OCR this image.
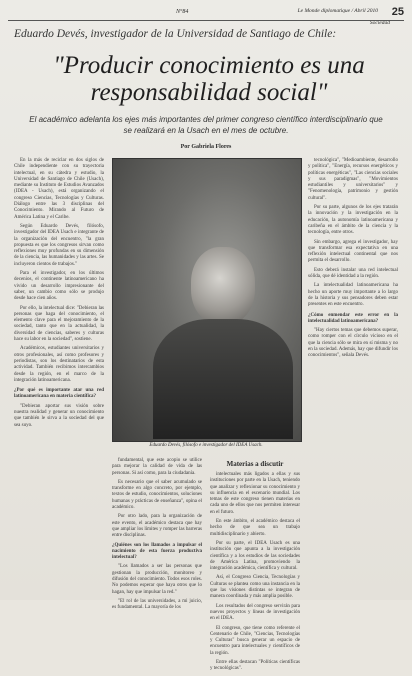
N°84	Le Monde diplomatique / Abril 2010 25
Sociedad
Eduardo Devés, investigador de la Universidad de Santiago de Chile:
"Producir conocimiento es una responsabilidad social"
El académico adelanta los ejes más importantes del primer congreso científico interdisciplinario que se realizará en la Usach en el mes de octubre.
Por Gabriela Flores

En la más de reciclar en dos siglos de Chile independiente con su trayectoria intelectual, en su cátedra y estudio, la Universidad de Santiago de Chile (Usach), mediante su Instituto de Estudios Avanzados (IDEA - Usach), está organizando el congreso Ciencias, Tecnologías y Culturas. Diálogo entre las 3 disciplinas del Conocimiento. Mirando al Futuro de América Latina y el Caribe.

Según Eduardo Devés, filósofo, investigador del IDEA Usach e integrante de la organización del encuentro, "la gran propuesta es que los congresos sirvan como reflexiones muy profundas en su dimensión de la ciencia, las humanidades y las artes. Se incluyeron cientos de trabajos."

Para el investigador, en los últimos decenios, el continente latinoamericano ha vivido un desarrollo impresionante del saber, un cambio como sólo se produjo desde hace cien años.

Por ello, la intelectual dice: "Debieran las personas que haga del conocimiento, el elemento clave para el mejoramiento de la sociedad, tanto que en la actualidad, la diversidad de ciencias, saberes y culturas hace su labor en la sociedad", sostiene.

Académicos, estudiantes universitarios y otros profesionales, así como profesores y periodistas, son los destinatarios de esta actividad. También recibimos intercambios desde la región, en el marco de la integración latinoamericana.

¿Por qué es importante atar una red latinoamericana en materia científica?

"Debieran aportar sus visión sobre nuestra realidad y generar un conocimiento que también le sirva a la sociedad del que sea suyo.

Eduardo Devés, filósofo e investigador del IDEA Usach.

fundamental, que este acopio se utilice para mejorar la calidad de vida de las personas. Si así como, para la ciudadanía.

Es necesario que el saber acumulado se transforme en algo concreto, por ejemplo, textos de estudio, conocimientos, soluciones humanas y prácticas de enseñanza", opina el académico.

Por otro lado, para la organización de este evento, el académico destaca que hay que ampliar los límites y romper las barreras entre disciplinas.

¿Quiénes son los llamados a impulsar el nacimiento de esta fuerza productiva intelectual?

"Los llamados a ser las personas que gestionan la producción, monitoreo y difusión del conocimiento. Todos esos roles. No podemos esperar que haya otros que lo hagan, hay que impulsar la red."

"El rol de las universidades, a mi juicio, es fundamental. La mayoría de los

Materias a discutir

intelectuales más ligados a ellas y sus instituciones por parte en la Usach, teniendo que analizar y reflexionar su conocimiento y su influencia en el escenario mundial. Los temas de este congreso tienen materias en cada uno de ellos que nos permiten interesar en el futuro.

En este ámbito, el académico destaca el hecho de que sea un trabajo multidisciplinario y abierto.

Por su parte, el IDEA Usach es una institución que apunta a la investigación científica y a los estudios de las sociedades de América Latina, promoviendo la integración académica, científica y cultural.

Así, el Congreso Ciencia, Tecnologías y Culturas se plantea como una instancia en la que las visiones distintas se integran de manera coordinada y más amplia posible.

Los resultados del congreso servirán para nuevos proyectos y líneas de investigación en el IDEA.

El congreso, que tiene como referente el Centenario de Chile, "Ciencias, Tecnologías y Culturas" busca generar un espacio de encuentro para intelectuales y científicos de la región.

Entre ellas destacan "Políticas científicas y tecnológicas".

tecnológica", "Medioambiente, desarrollo y política", "Energía, recursos energéticos y políticas energéticas", "Las ciencias sociales y sus paradigmas", "Movimientos estudiantiles y universitarios" y "Fenomenología, patrimonio y gestión cultural".

Por su parte, algunos de los ejes tratarán la innovación y la investigación en la educación, la autonomía latinoamericana y caribeña en el ámbito de la ciencia y la tecnología, entre otros.

Sin embargo, agrega el investigador, hay que transformar esa expectativa en una reflexión intelectual continental que nos permita el desarrollo.

Esto deberá instalar una red intelectual sólida, que dé identidad a la región.

La intelectualidad latinoamericana ha hecho un aporte muy importante a lo largo de la historia y sus pensadores deben estar presentes en este encuentro.

¿Cómo enmendar este error en la intelectualidad latinoamericana?

"Hay ciertos temas que debemos superar, como romper con el círculo vicioso en el que la ciencia sólo se mira en sí misma y no en la sociedad. Además, hay que difundir los conocimientos", señala Devés.
